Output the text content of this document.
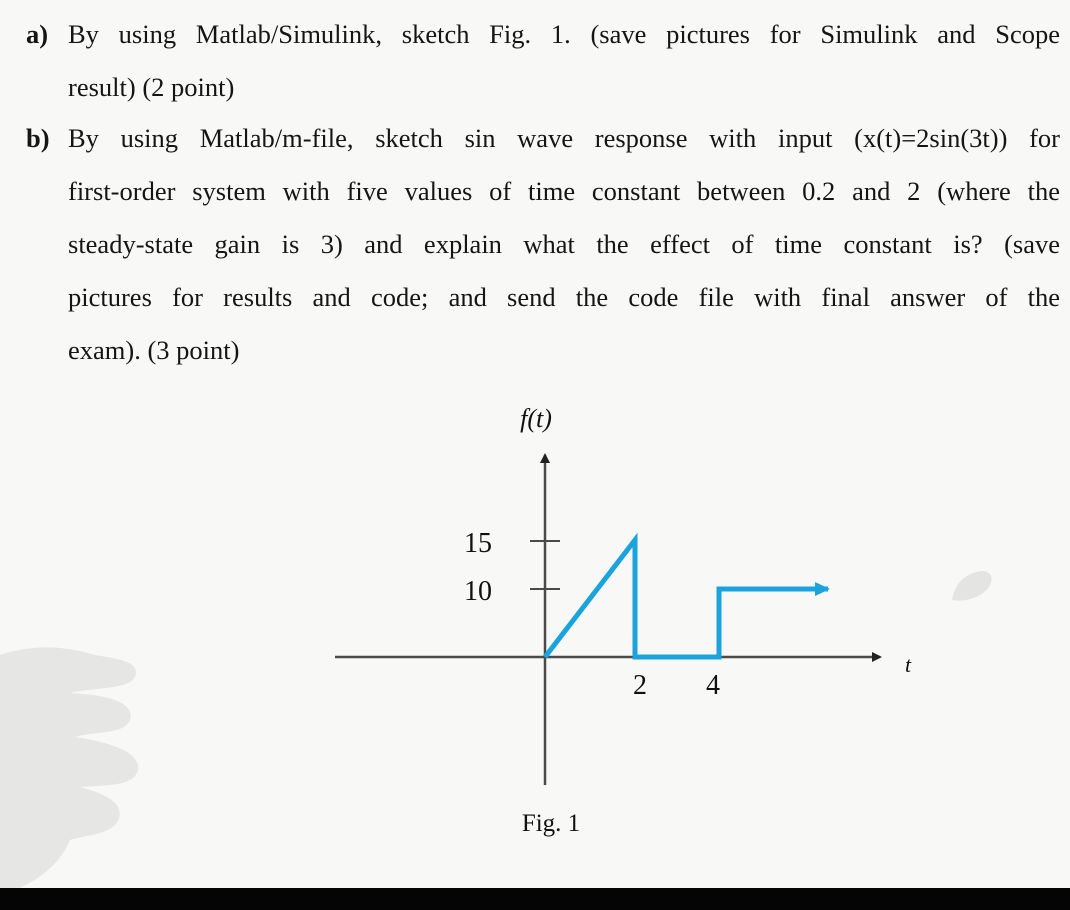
a) By using Matlab/Simulink, sketch Fig. 1. (save pictures for Simulink and Scope
result) (2 point)
b) By using Matlab/m-file, sketch sin wave response with input (x(t)=2sin(3t)) for
first-order system with five values of time constant between 0.2 and 2 (where the
steady-state gain is 3) and explain what the effect of time constant is? (save
pictures for results and code; and send the code file with final answer of the
exam). (3 point)
f(t)
t
15
10
2 4
Fig. 1
